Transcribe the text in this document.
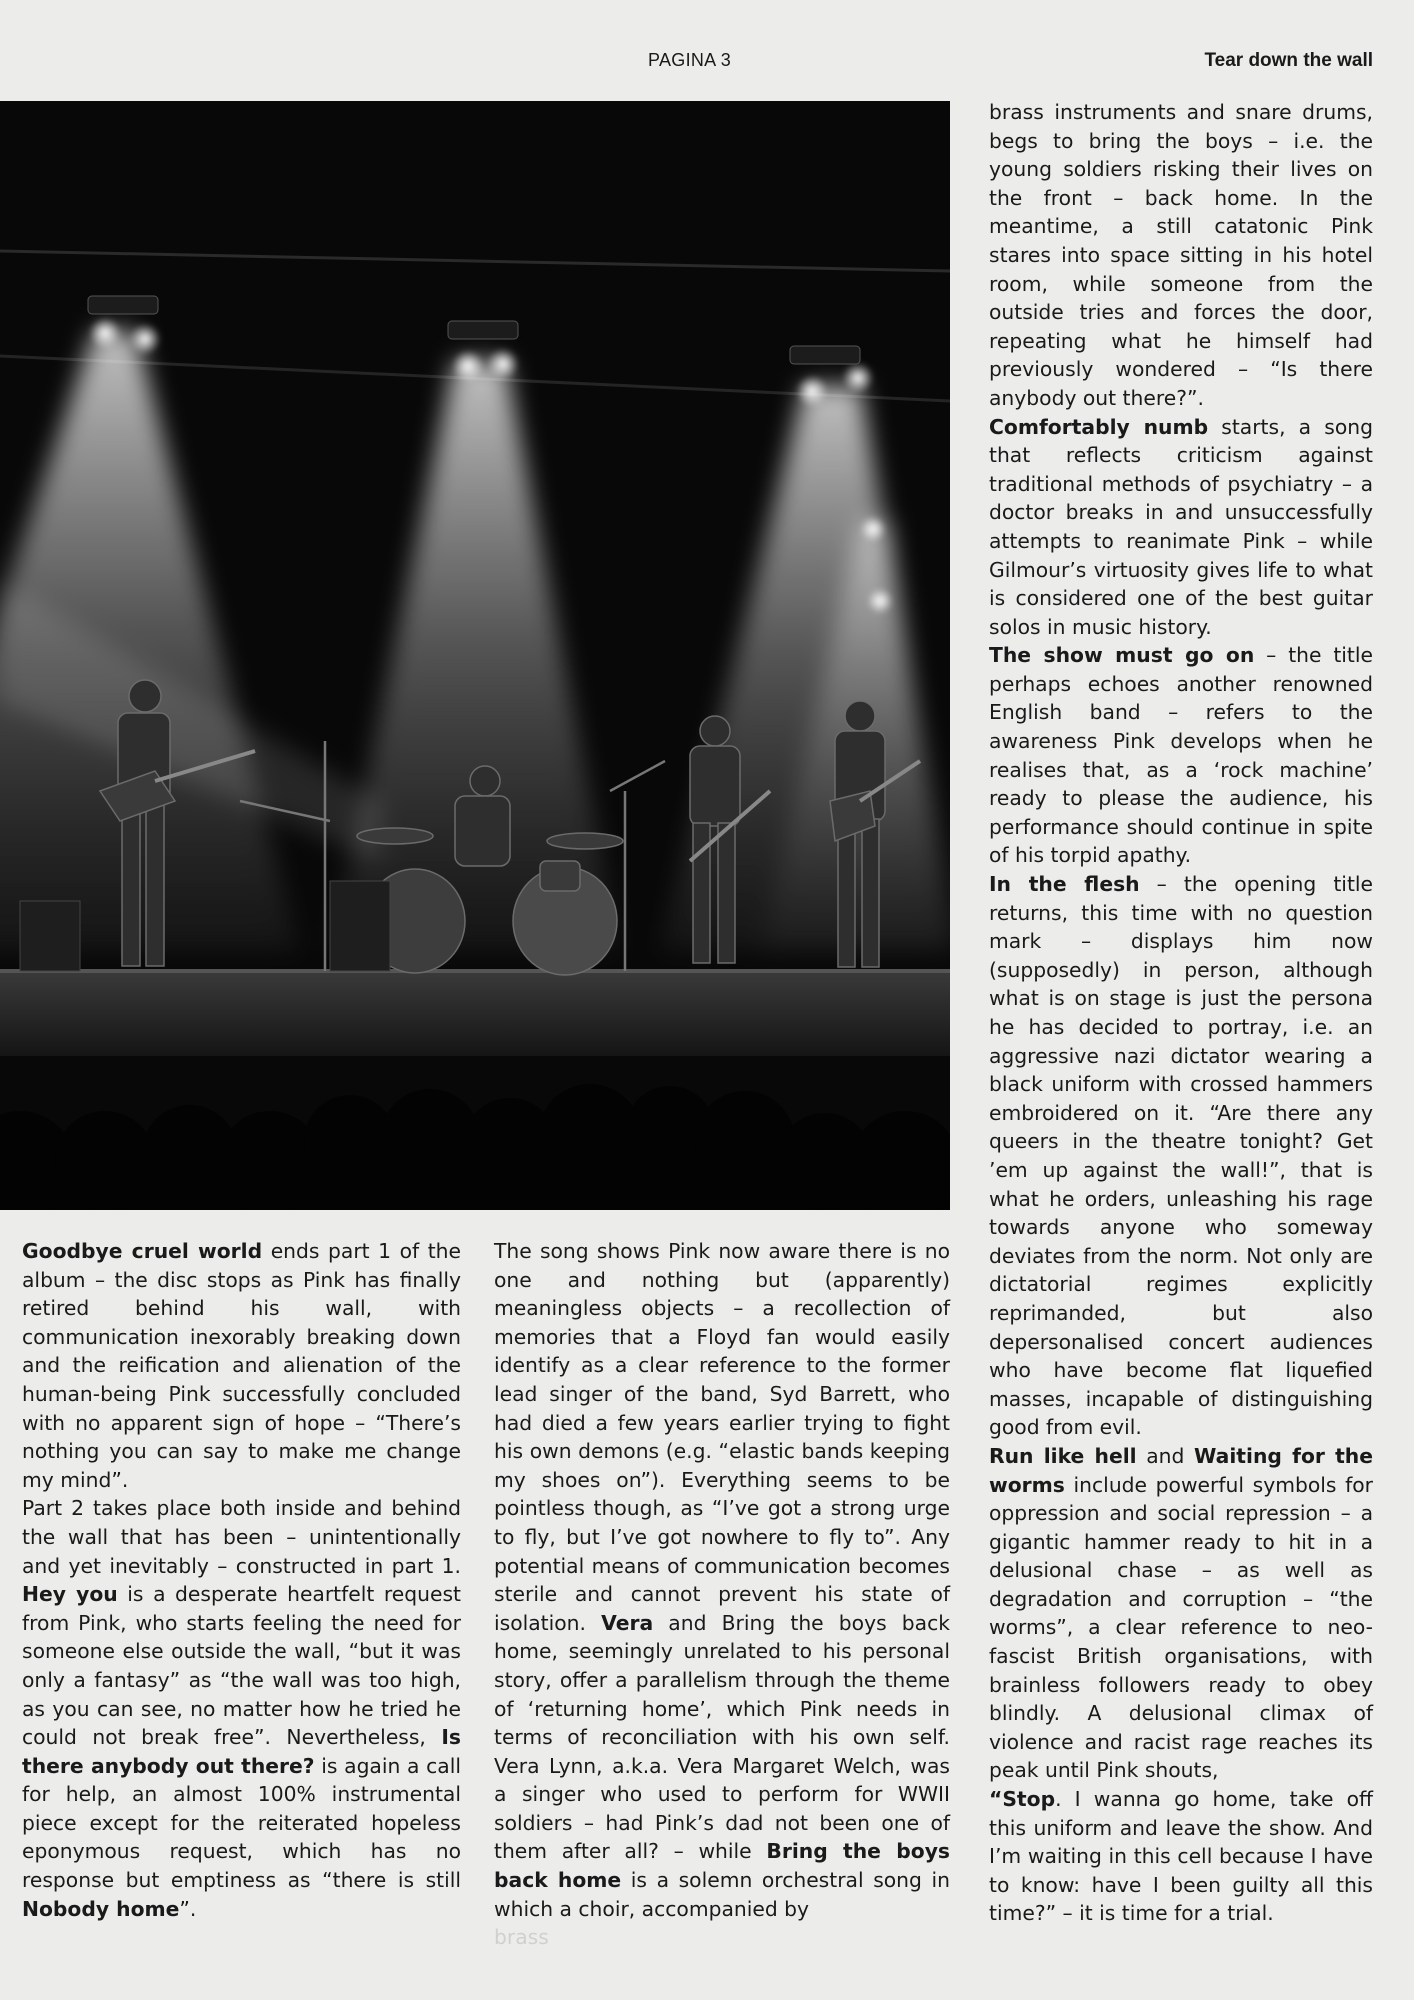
PAGINA 3	Tear down the wall

Goodbye cruel world ends part 1 of the album – the disc stops as Pink has finally retired behind his wall, with communication inexorably breaking down and the reification and alienation of the human-being Pink successfully concluded with no apparent sign of hope – “There’s nothing you can say to make me change my mind”.

Part 2 takes place both inside and behind the wall that has been – unintentionally and yet inevitably – constructed in part 1. Hey you is a desperate heartfelt request from Pink, who starts feeling the need for someone else outside the wall, “but it was only a fantasy” as “the wall was too high, as you can see, no matter how he tried he could not break free”. Nevertheless, Is there anybody out there? is again a call for help, an almost 100% instrumental piece except for the reiterated hopeless eponymous request, which has no response but emptiness as “there is still Nobody home”.

The song shows Pink now aware there is no one and nothing but (apparently) meaningless objects – a recollection of memories that a Floyd fan would easily identify as a clear reference to the former lead singer of the band, Syd Barrett, who had died a few years earlier trying to fight his own demons (e.g. “elastic bands keeping my shoes on”). Everything seems to be pointless though, as “I’ve got a strong urge to fly, but I’ve got nowhere to fly to”. Any potential means of communication becomes sterile and cannot prevent his state of isolation. Vera and Bring the boys back home, seemingly unrelated to his personal story, offer a parallelism through the theme of ‘returning home’, which Pink needs in terms of reconciliation with his own self. Vera Lynn, a.k.a. Vera Margaret Welch, was a singer who used to perform for WWII soldiers – had Pink’s dad not been one of them after all? – while Bring the boys back home is a solemn orchestral song in which a choir, accompanied by
brass

brass instruments and snare drums, begs to bring the boys – i.e. the young soldiers risking their lives on the front – back home. In the meantime, a still catatonic Pink stares into space sitting in his hotel room, while someone from the outside tries and forces the door, repeating what he himself had previously wondered – “Is there anybody out there?”.

Comfortably numb starts, a song that reflects criticism against traditional methods of psychiatry – a doctor breaks in and unsuccessfully attempts to reanimate Pink – while Gilmour’s virtuosity gives life to what is considered one of the best guitar solos in music history.

The show must go on – the title perhaps echoes another renowned English band – refers to the awareness Pink develops when he realises that, as a ‘rock machine’ ready to please the audience, his performance should continue in spite of his torpid apathy.

In the flesh – the opening title returns, this time with no question mark – displays him now (supposedly) in person, although what is on stage is just the persona he has decided to portray, i.e. an aggressive nazi dictator wearing a black uniform with crossed hammers embroidered on it. “Are there any queers in the theatre tonight? Get ’em up against the wall!”, that is what he orders, unleashing his rage towards anyone who someway deviates from the norm. Not only are dictatorial regimes explicitly reprimanded, but also depersonalised concert audiences who have become flat liquefied masses, incapable of distinguishing good from evil.

Run like hell and Waiting for the worms include powerful symbols for oppression and social repression – a gigantic hammer ready to hit in a delusional chase – as well as degradation and corruption – “the worms”, a clear reference to neo-fascist British organisations, with brainless followers ready to obey blindly. A delusional climax of violence and racist rage reaches its peak until Pink shouts,

“Stop. I wanna go home, take off this uniform and leave the show. And I’m waiting in this cell because I have to know: have I been guilty all this time?” – it is time for a trial.
